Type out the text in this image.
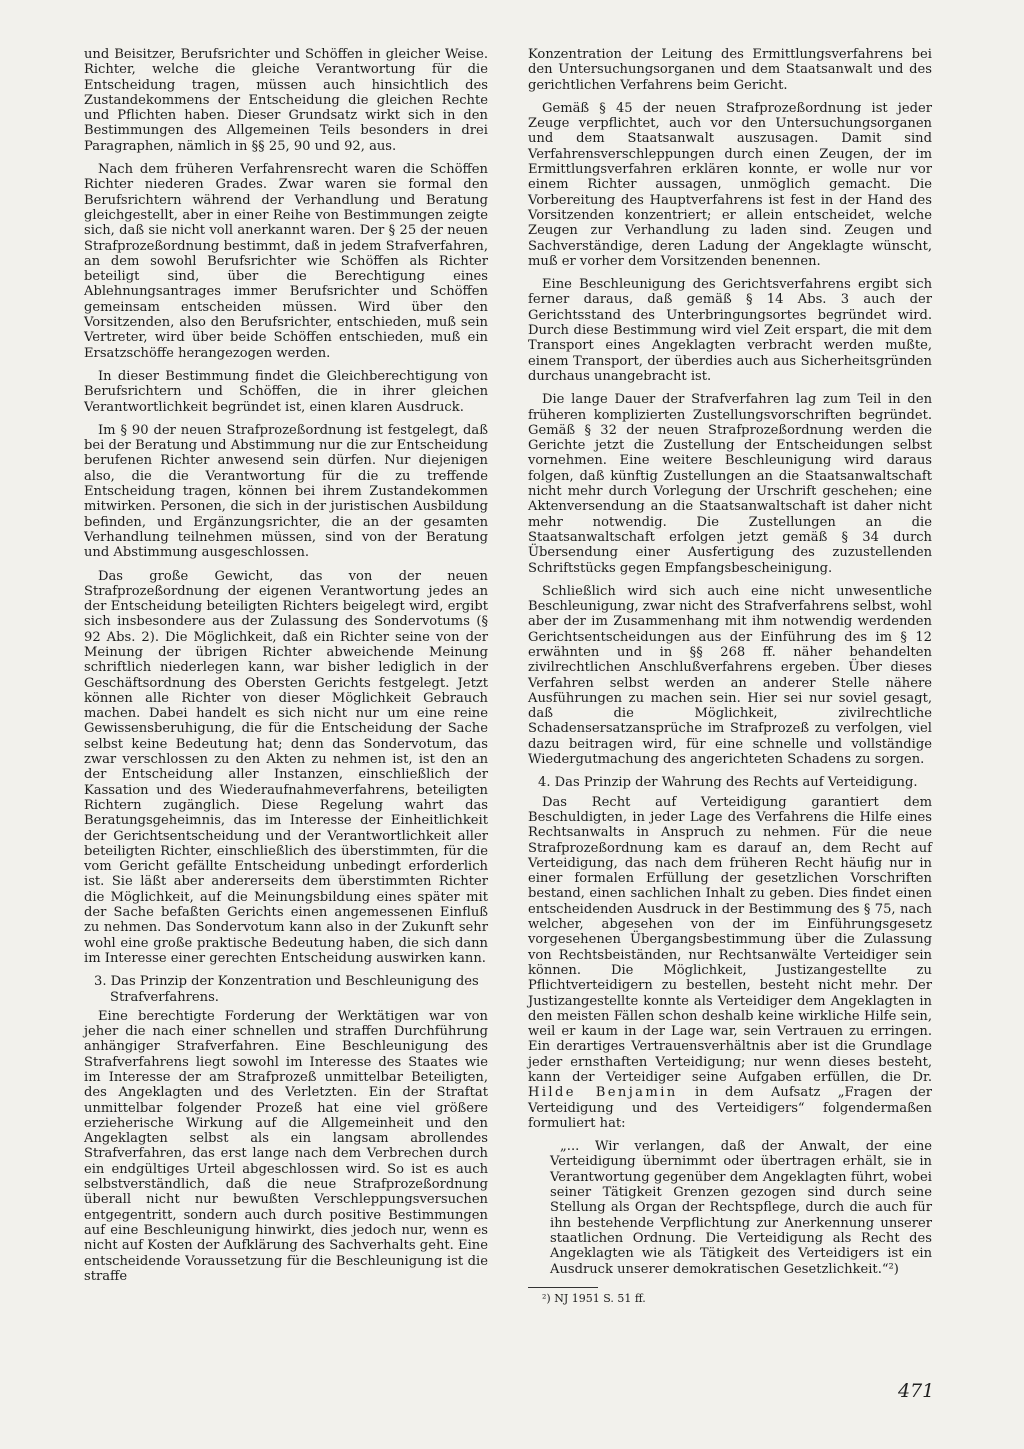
und Beisitzer, Berufsrichter und Schöffen in gleicher Weise. Richter, welche die gleiche Verantwortung für die Entscheidung tragen, müssen auch hinsichtlich des Zustandekommens der Entscheidung die gleichen Rechte und Pflichten haben. Dieser Grundsatz wirkt sich in den Bestimmungen des Allgemeinen Teils besonders in drei Paragraphen, nämlich in §§ 25, 90 und 92, aus.

Nach dem früheren Verfahrensrecht waren die Schöffen Richter niederen Grades. Zwar waren sie formal den Berufsrichtern während der Verhandlung und Beratung gleichgestellt, aber in einer Reihe von Bestimmungen zeigte sich, daß sie nicht voll anerkannt waren. Der § 25 der neuen Strafprozeßordnung bestimmt, daß in jedem Strafverfahren, an dem sowohl Berufsrichter wie Schöffen als Richter beteiligt sind, über die Berechtigung eines Ablehnungsantrages immer Berufsrichter und Schöffen gemeinsam entscheiden müssen. Wird über den Vorsitzenden, also den Berufsrichter, entschieden, muß sein Vertreter, wird über beide Schöffen entschieden, muß ein Ersatzschöffe herangezogen werden.

In dieser Bestimmung findet die Gleichberechtigung von Berufsrichtern und Schöffen, die in ihrer gleichen Verantwortlichkeit begründet ist, einen klaren Ausdruck.

Im § 90 der neuen Strafprozeßordnung ist festgelegt, daß bei der Beratung und Abstimmung nur die zur Entscheidung berufenen Richter anwesend sein dürfen. Nur diejenigen also, die die Verantwortung für die zu treffende Entscheidung tragen, können bei ihrem Zustandekommen mitwirken. Personen, die sich in der juristischen Ausbildung befinden, und Ergänzungsrichter, die an der gesamten Verhandlung teilnehmen müssen, sind von der Beratung und Abstimmung ausgeschlossen.

Das große Gewicht, das von der neuen Strafprozeßordnung der eigenen Verantwortung jedes an der Entscheidung beteiligten Richters beigelegt wird, ergibt sich insbesondere aus der Zulassung des Sondervotums (§ 92 Abs. 2). Die Möglichkeit, daß ein Richter seine von der Meinung der übrigen Richter abweichende Meinung schriftlich niederlegen kann, war bisher lediglich in der Geschäftsordnung des Obersten Gerichts festgelegt. Jetzt können alle Richter von dieser Möglichkeit Gebrauch machen. Dabei handelt es sich nicht nur um eine reine Gewissensberuhigung, die für die Entscheidung der Sache selbst keine Bedeutung hat; denn das Sondervotum, das zwar verschlossen zu den Akten zu nehmen ist, ist den an der Entscheidung aller Instanzen, einschließlich der Kassation und des Wiederaufnahmeverfahrens, beteiligten Richtern zugänglich. Diese Regelung wahrt das Beratungsgeheimnis, das im Interesse der Einheitlichkeit der Gerichtsentscheidung und der Verantwortlichkeit aller beteiligten Richter, einschließlich des überstimmten, für die vom Gericht gefällte Entscheidung unbedingt erforderlich ist. Sie läßt aber andererseits dem überstimmten Richter die Möglichkeit, auf die Meinungsbildung eines später mit der Sache befaßten Gerichts einen angemessenen Einfluß zu nehmen. Das Sondervotum kann also in der Zukunft sehr wohl eine große praktische Bedeutung haben, die sich dann im Interesse einer gerechten Entscheidung auswirken kann.

3. Das Prinzip der Konzentration und Beschleunigung des Strafverfahrens.

Eine berechtigte Forderung der Werktätigen war von jeher die nach einer schnellen und straffen Durchführung anhängiger Strafverfahren. Eine Beschleunigung des Strafverfahrens liegt sowohl im Interesse des Staates wie im Interesse der am Strafprozeß unmittelbar Beteiligten, des Angeklagten und des Verletzten. Ein der Straftat unmittelbar folgender Prozeß hat eine viel größere erzieherische Wirkung auf die Allgemeinheit und den Angeklagten selbst als ein langsam abrollendes Strafverfahren, das erst lange nach dem Verbrechen durch ein endgültiges Urteil abgeschlossen wird. So ist es auch selbstverständlich, daß die neue Strafprozeßordnung überall nicht nur bewußten Verschleppungsversuchen entgegentritt, sondern auch durch positive Bestimmungen auf eine Beschleunigung hinwirkt, dies jedoch nur, wenn es nicht auf Kosten der Aufklärung des Sachverhalts geht. Eine entscheidende Voraussetzung für die Beschleunigung ist die straffe

Konzentration der Leitung des Ermittlungsverfahrens bei den Untersuchungsorganen und dem Staatsanwalt und des gerichtlichen Verfahrens beim Gericht.

Gemäß § 45 der neuen Strafprozeßordnung ist jeder Zeuge verpflichtet, auch vor den Untersuchungsorganen und dem Staatsanwalt auszusagen. Damit sind Verfahrensverschleppungen durch einen Zeugen, der im Ermittlungsverfahren erklären konnte, er wolle nur vor einem Richter aussagen, unmöglich gemacht. Die Vorbereitung des Hauptverfahrens ist fest in der Hand des Vorsitzenden konzentriert; er allein entscheidet, welche Zeugen zur Verhandlung zu laden sind. Zeugen und Sachverständige, deren Ladung der Angeklagte wünscht, muß er vorher dem Vorsitzenden benennen.

Eine Beschleunigung des Gerichtsverfahrens ergibt sich ferner daraus, daß gemäß § 14 Abs. 3 auch der Gerichtsstand des Unterbringungsortes begründet wird. Durch diese Bestimmung wird viel Zeit erspart, die mit dem Transport eines Angeklagten verbracht werden mußte, einem Transport, der überdies auch aus Sicherheitsgründen durchaus unangebracht ist.

Die lange Dauer der Strafverfahren lag zum Teil in den früheren komplizierten Zustellungsvorschriften begründet. Gemäß § 32 der neuen Strafprozeßordnung werden die Gerichte jetzt die Zustellung der Entscheidungen selbst vornehmen. Eine weitere Beschleunigung wird daraus folgen, daß künftig Zustellungen an die Staatsanwaltschaft nicht mehr durch Vorlegung der Urschrift geschehen; eine Aktenversendung an die Staatsanwaltschaft ist daher nicht mehr notwendig. Die Zustellungen an die Staatsanwaltschaft erfolgen jetzt gemäß § 34 durch Übersendung einer Ausfertigung des zuzustellenden Schriftstücks gegen Empfangsbescheinigung.

Schließlich wird sich auch eine nicht unwesentliche Beschleunigung, zwar nicht des Strafverfahrens selbst, wohl aber der im Zusammenhang mit ihm notwendig werdenden Gerichtsentscheidungen aus der Einführung des im § 12 erwähnten und in §§ 268 ff. näher behandelten zivilrechtlichen Anschlußverfahrens ergeben. Über dieses Verfahren selbst werden an anderer Stelle nähere Ausführungen zu machen sein. Hier sei nur soviel gesagt, daß die Möglichkeit, zivilrechtliche Schadensersatzansprüche im Strafprozeß zu verfolgen, viel dazu beitragen wird, für eine schnelle und vollständige Wiedergutmachung des angerichteten Schadens zu sorgen.

4. Das Prinzip der Wahrung des Rechts auf Verteidigung.

Das Recht auf Verteidigung garantiert dem Beschuldigten, in jeder Lage des Verfahrens die Hilfe eines Rechtsanwalts in Anspruch zu nehmen. Für die neue Strafprozeßordnung kam es darauf an, dem Recht auf Verteidigung, das nach dem früheren Recht häufig nur in einer formalen Erfüllung der gesetzlichen Vorschriften bestand, einen sachlichen Inhalt zu geben. Dies findet einen entscheidenden Ausdruck in der Bestimmung des § 75, nach welcher, abgesehen von der im Einführungsgesetz vorgesehenen Übergangsbestimmung über die Zulassung von Rechtsbeiständen, nur Rechtsanwälte Verteidiger sein können. Die Möglichkeit, Justizangestellte zu Pflichtverteidigern zu bestellen, besteht nicht mehr. Der Justizangestellte konnte als Verteidiger dem Angeklagten in den meisten Fällen schon deshalb keine wirkliche Hilfe sein, weil er kaum in der Lage war, sein Vertrauen zu erringen. Ein derartiges Vertrauensverhältnis aber ist die Grundlage jeder ernsthaften Verteidigung; nur wenn dieses besteht, kann der Verteidiger seine Aufgaben erfüllen, die Dr. Hilde Benjamin in dem Aufsatz „Fragen der Verteidigung und des Verteidigers“ folgendermaßen formuliert hat:

„... Wir verlangen, daß der Anwalt, der eine Verteidigung übernimmt oder übertragen erhält, sie in Verantwortung gegenüber dem Angeklagten führt, wobei seiner Tätigkeit Grenzen gezogen sind durch seine Stellung als Organ der Rechtspflege, durch die auch für ihn bestehende Verpflichtung zur Anerkennung unserer staatlichen Ordnung. Die Verteidigung als Recht des Angeklagten wie als Tätigkeit des Verteidigers ist ein Ausdruck unserer demokratischen Gesetzlichkeit.“²)
²) NJ 1951 S. 51 ff.
471
